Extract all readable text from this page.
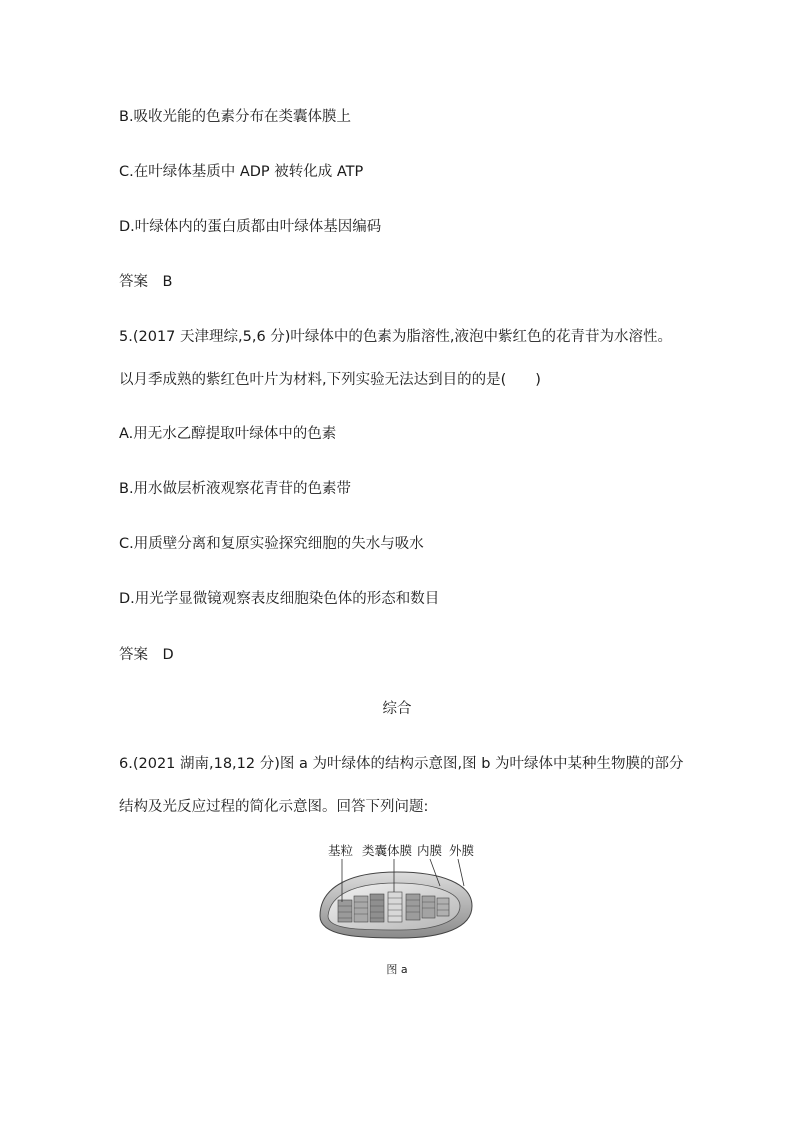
B.吸收光能的色素分布在类囊体膜上
C.在叶绿体基质中 ADP 被转化成 ATP
D.叶绿体内的蛋白质都由叶绿体基因编码
答案　B
5.(2017 天津理综,5,6 分)叶绿体中的色素为脂溶性,液泡中紫红色的花青苷为水溶性。
以月季成熟的紫红色叶片为材料,下列实验无法达到目的的是(　　)
A.用无水乙醇提取叶绿体中的色素
B.用水做层析液观察花青苷的色素带
C.用质壁分离和复原实验探究细胞的失水与吸水
D.用光学显微镜观察表皮细胞染色体的形态和数目
答案　D
综合
6.(2021 湖南,18,12 分)图 a 为叶绿体的结构示意图,图 b 为叶绿体中某种生物膜的部分
结构及光反应过程的简化示意图。回答下列问题:
基粒 类囊体膜 内膜 外膜
图 a
